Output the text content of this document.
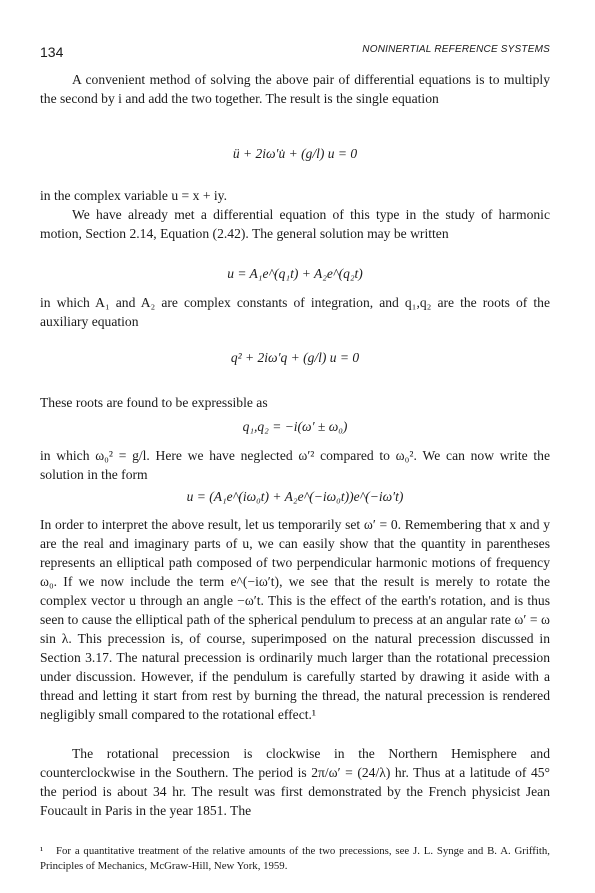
134	NONINERTIAL REFERENCE SYSTEMS

A convenient method of solving the above pair of differential equations is to multiply the second by i and add the two together. The result is the single equation

ü + 2iω′u̇ + (g/l) u = 0

in the complex variable u = x + iy.

We have already met a differential equation of this type in the study of harmonic motion, Section 2.14, Equation (2.42). The general solution may be written

u = A₁e^(q₁t) + A₂e^(q₂t)

in which A₁ and A₂ are complex constants of integration, and q₁,q₂ are the roots of the auxiliary equation

q² + 2iω′q + (g/l) u = 0

These roots are found to be expressible as

q₁,q₂ = −i(ω′ ± ω₀)

in which ω₀² = g/l. Here we have neglected ω′² compared to ω₀². We can now write the solution in the form

u = (A₁e^(iω₀t) + A₂e^(−iω₀t))e^(−iω′t)

In order to interpret the above result, let us temporarily set ω′ = 0. Remembering that x and y are the real and imaginary parts of u, we can easily show that the quantity in parentheses represents an elliptical path composed of two perpendicular harmonic motions of frequency ω₀. If we now include the term e^(−iω′t), we see that the result is merely to rotate the complex vector u through an angle −ω′t. This is the effect of the earth's rotation, and is thus seen to cause the elliptical path of the spherical pendulum to precess at an angular rate ω′ = ω sin λ. This precession is, of course, superimposed on the natural precession discussed in Section 3.17. The natural precession is ordinarily much larger than the rotational precession under discussion. However, if the pendulum is carefully started by drawing it aside with a thread and letting it start from rest by burning the thread, the natural precession is rendered negligibly small compared to the rotational effect.¹

The rotational precession is clockwise in the Northern Hemisphere and counterclockwise in the Southern. The period is 2π/ω′ = (24/λ) hr. Thus at a latitude of 45° the period is about 34 hr. The result was first demonstrated by the French physicist Jean Foucault in Paris in the year 1851. The

¹ For a quantitative treatment of the relative amounts of the two precessions, see J. L. Synge and B. A. Griffith, Principles of Mechanics, McGraw-Hill, New York, 1959.
